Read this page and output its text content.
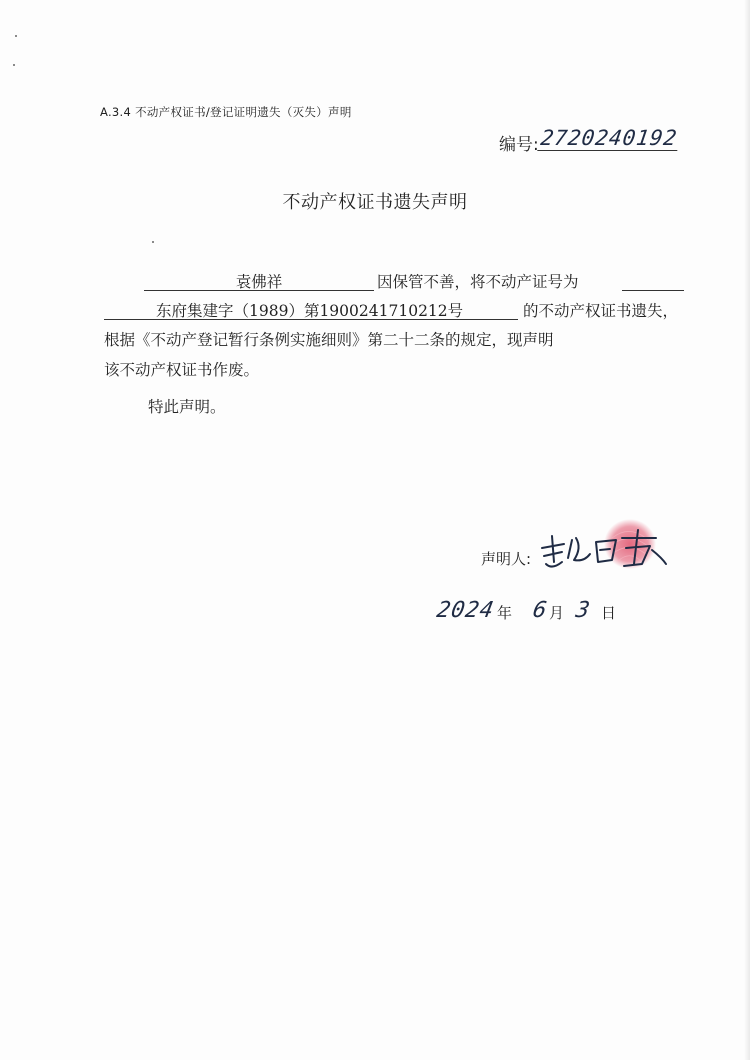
A.3.4 不动产权证书/登记证明遗失（灭失）声明
编号: 2720240192
不动产权证书遗失声明
袁佛祥	因保管不善，将不动产证号为
东府集建字（1989）第1900241710212号	的不动产权证书遗失，
根据《不动产登记暂行条例实施细则》第二十二条的规定，现声明
该不动产权证书作废。
特此声明。
声明人:
2024 年 6 月 3 日
